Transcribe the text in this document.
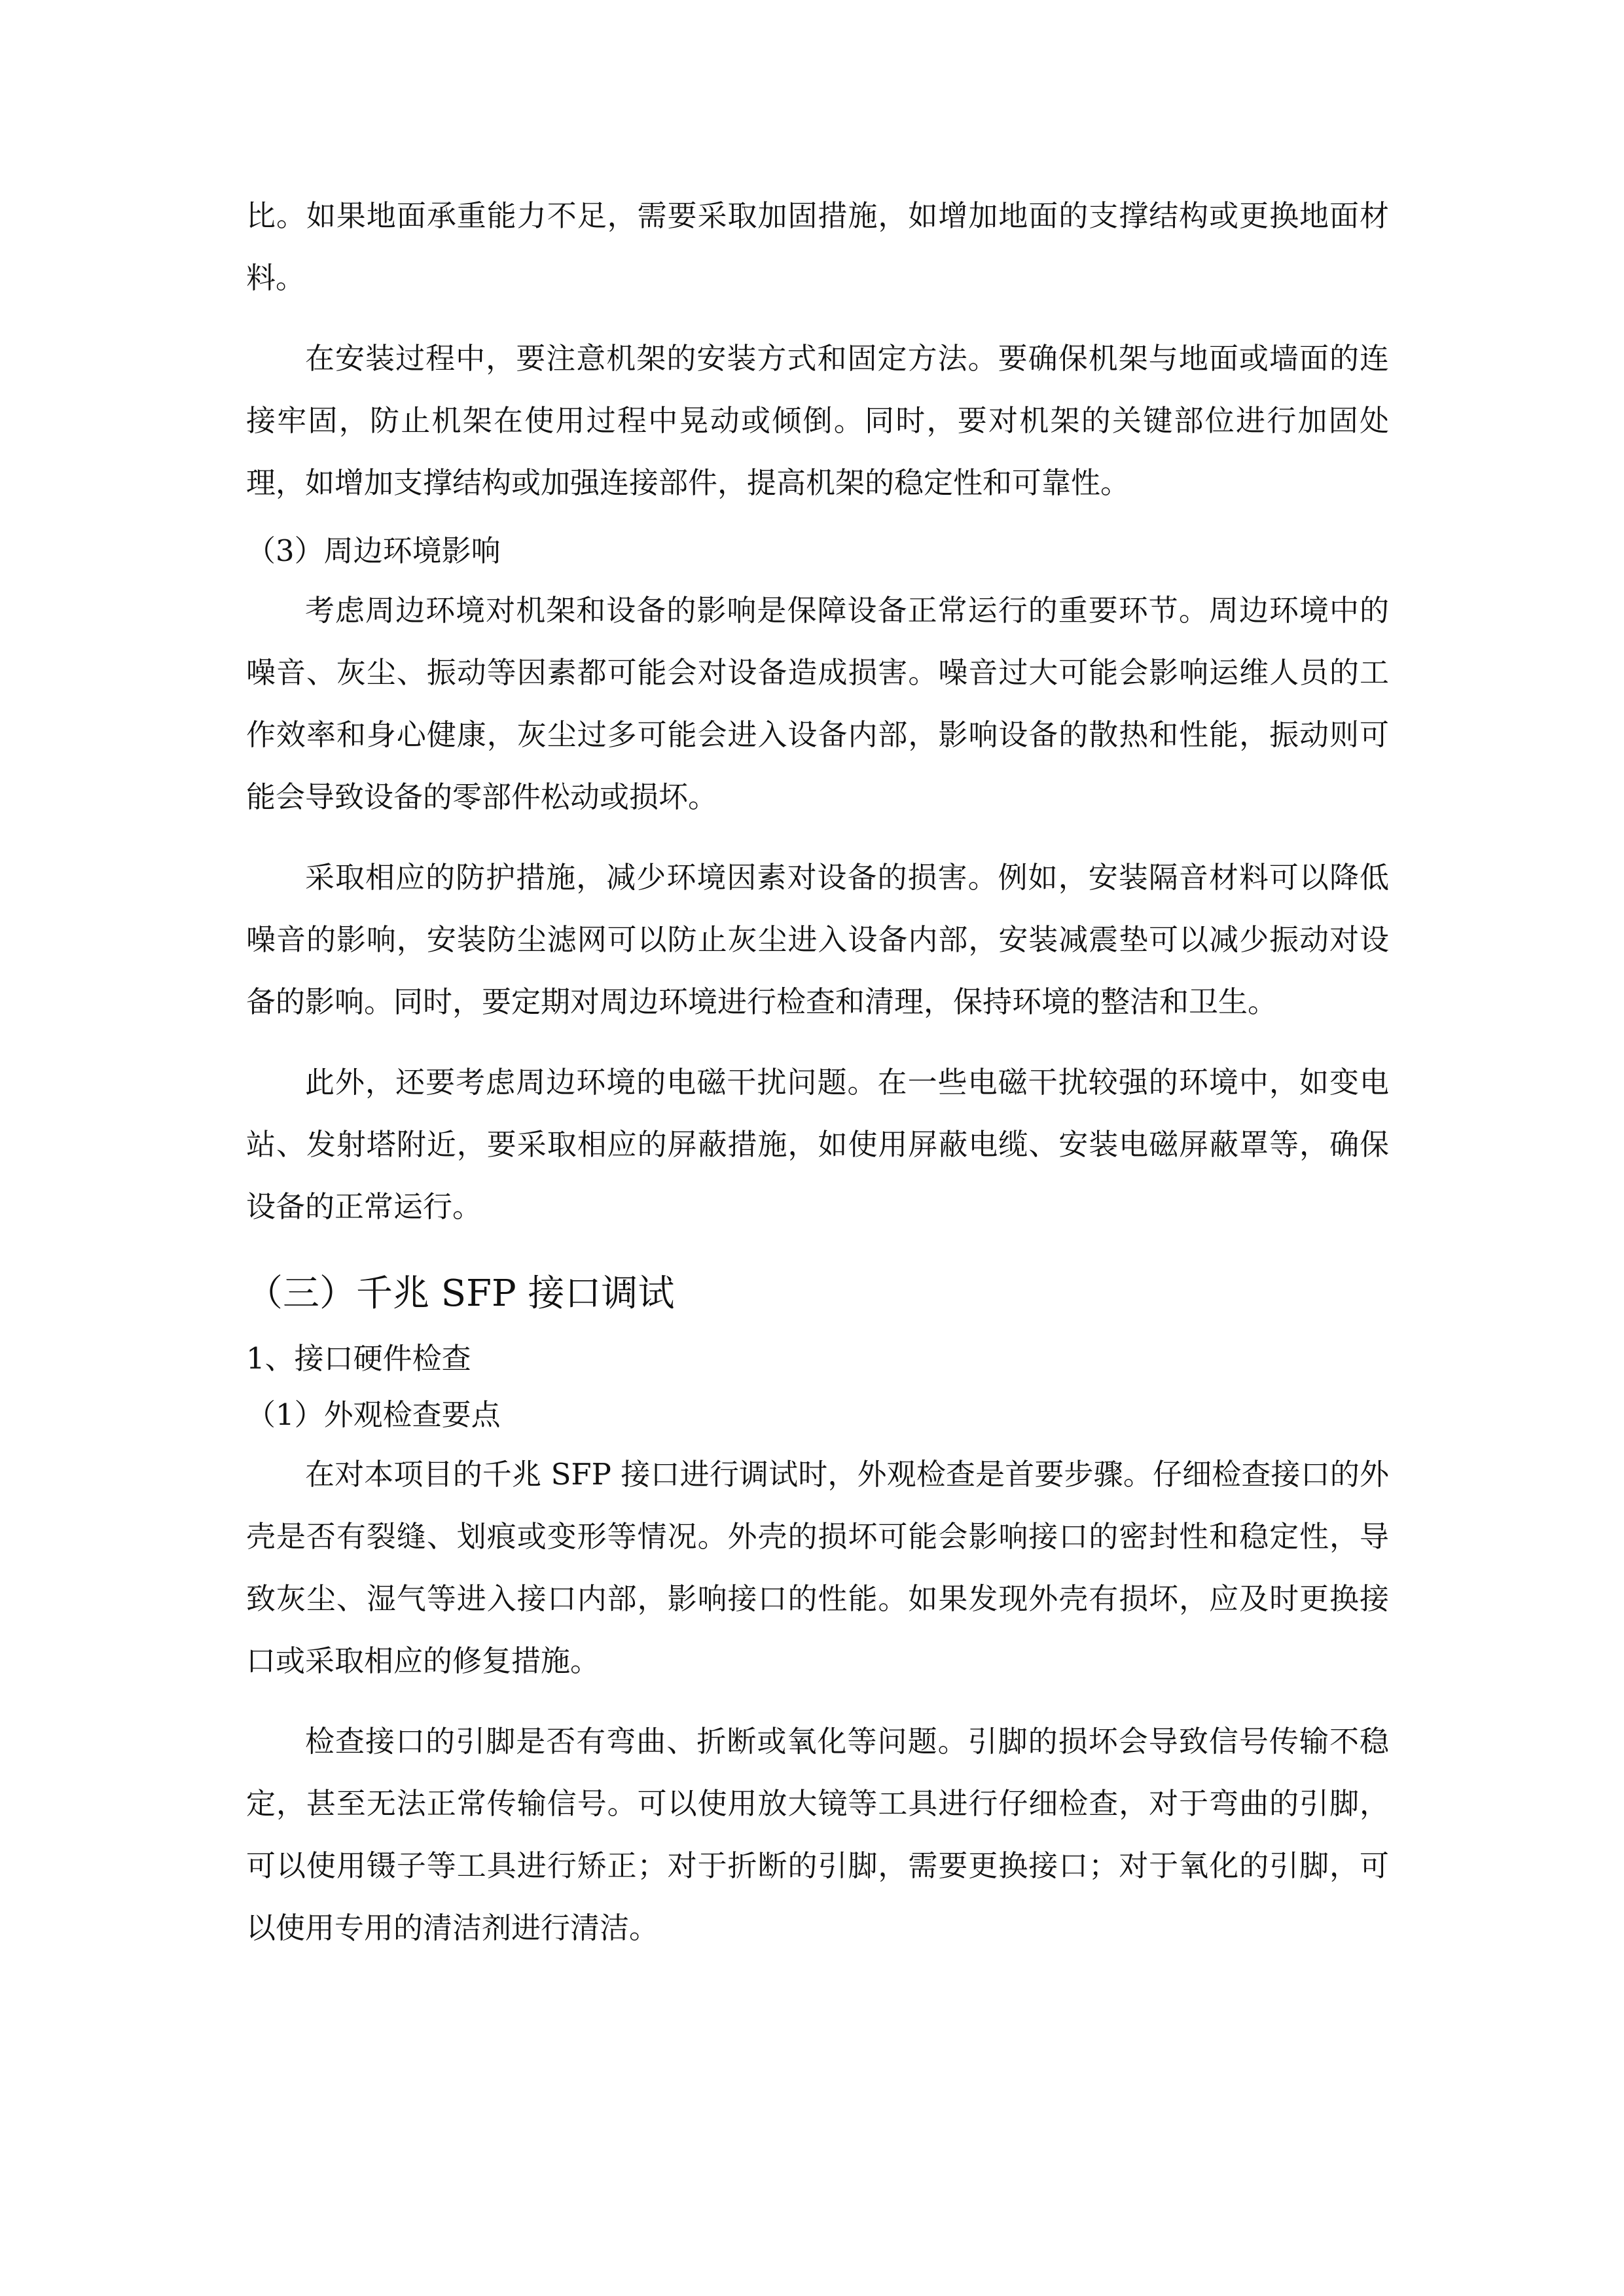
比。如果地面承重能力不足，需要采取加固措施，如增加地面的支撑结构或更换地面材料。

在安装过程中，要注意机架的安装方式和固定方法。要确保机架与地面或墙面的连接牢固，防止机架在使用过程中晃动或倾倒。同时，要对机架的关键部位进行加固处理，如增加支撑结构或加强连接部件，提高机架的稳定性和可靠性。

（3）周边环境影响

考虑周边环境对机架和设备的影响是保障设备正常运行的重要环节。周边环境中的噪音、灰尘、振动等因素都可能会对设备造成损害。噪音过大可能会影响运维人员的工作效率和身心健康，灰尘过多可能会进入设备内部，影响设备的散热和性能，振动则可能会导致设备的零部件松动或损坏。

采取相应的防护措施，减少环境因素对设备的损害。例如，安装隔音材料可以降低噪音的影响，安装防尘滤网可以防止灰尘进入设备内部，安装减震垫可以减少振动对设备的影响。同时，要定期对周边环境进行检查和清理，保持环境的整洁和卫生。

此外，还要考虑周边环境的电磁干扰问题。在一些电磁干扰较强的环境中，如变电站、发射塔附近，要采取相应的屏蔽措施，如使用屏蔽电缆、安装电磁屏蔽罩等，确保设备的正常运行。

（三）千兆 SFP 接口调试

1、接口硬件检查

（1）外观检查要点

在对本项目的千兆 SFP 接口进行调试时，外观检查是首要步骤。仔细检查接口的外壳是否有裂缝、划痕或变形等情况。外壳的损坏可能会影响接口的密封性和稳定性，导致灰尘、湿气等进入接口内部，影响接口的性能。如果发现外壳有损坏，应及时更换接口或采取相应的修复措施。

检查接口的引脚是否有弯曲、折断或氧化等问题。引脚的损坏会导致信号传输不稳定，甚至无法正常传输信号。可以使用放大镜等工具进行仔细检查，对于弯曲的引脚，可以使用镊子等工具进行矫正；对于折断的引脚，需要更换接口；对于氧化的引脚，可以使用专用的清洁剂进行清洁。
